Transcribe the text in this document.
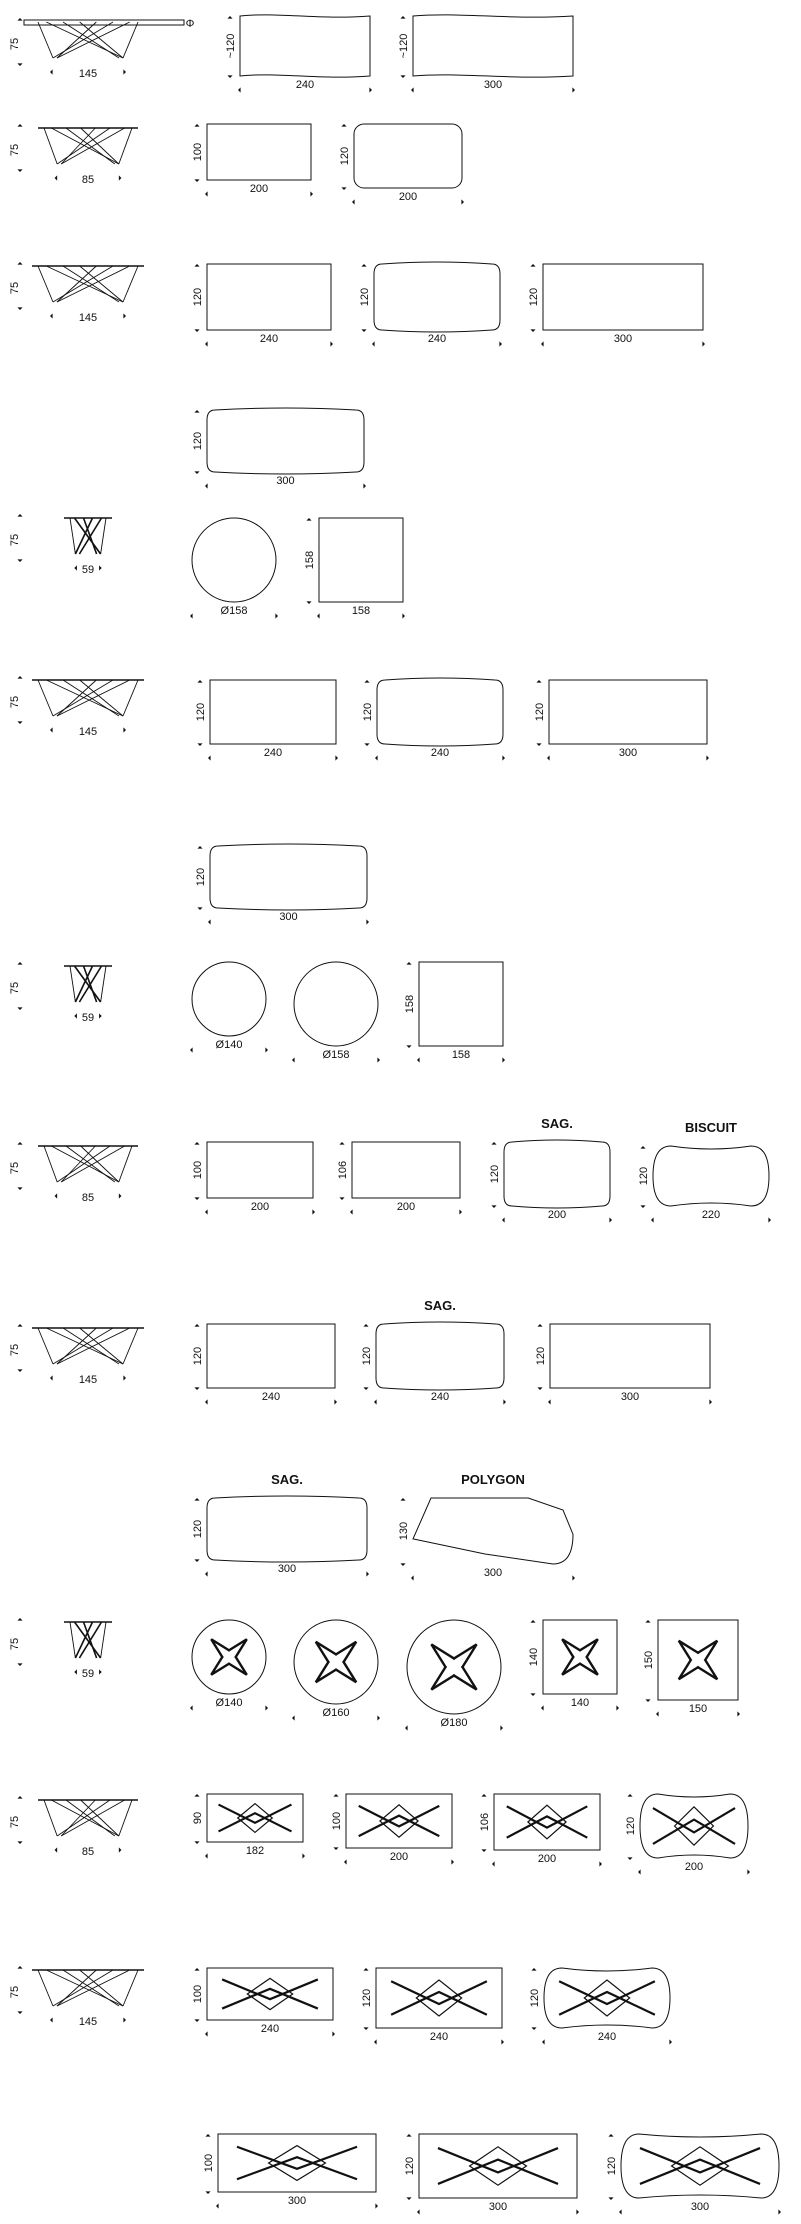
Φ
75
145
240
~120
300
~120
75
85
200
100
200
120
75
145
240
120
240
120
300
120
300
120
75
59
Ø158	158
158
75
145
240
120
240
120
300
120
300
120
75
59
Ø140
Ø158	158
158
75
85
200
100
200
106
200
120
SAG.
220
120
BISCUIT
75
145
240
120
240
120
SAG.
300
120
300
120
SAG.
300
130
POLYGON
75
59
Ø140
Ø160
Ø180
140
140
150
150
75
85	182
90
200
100
200
106
200
120
75
145
240
100
240
120
240
120
300
100
300
120
300
120
